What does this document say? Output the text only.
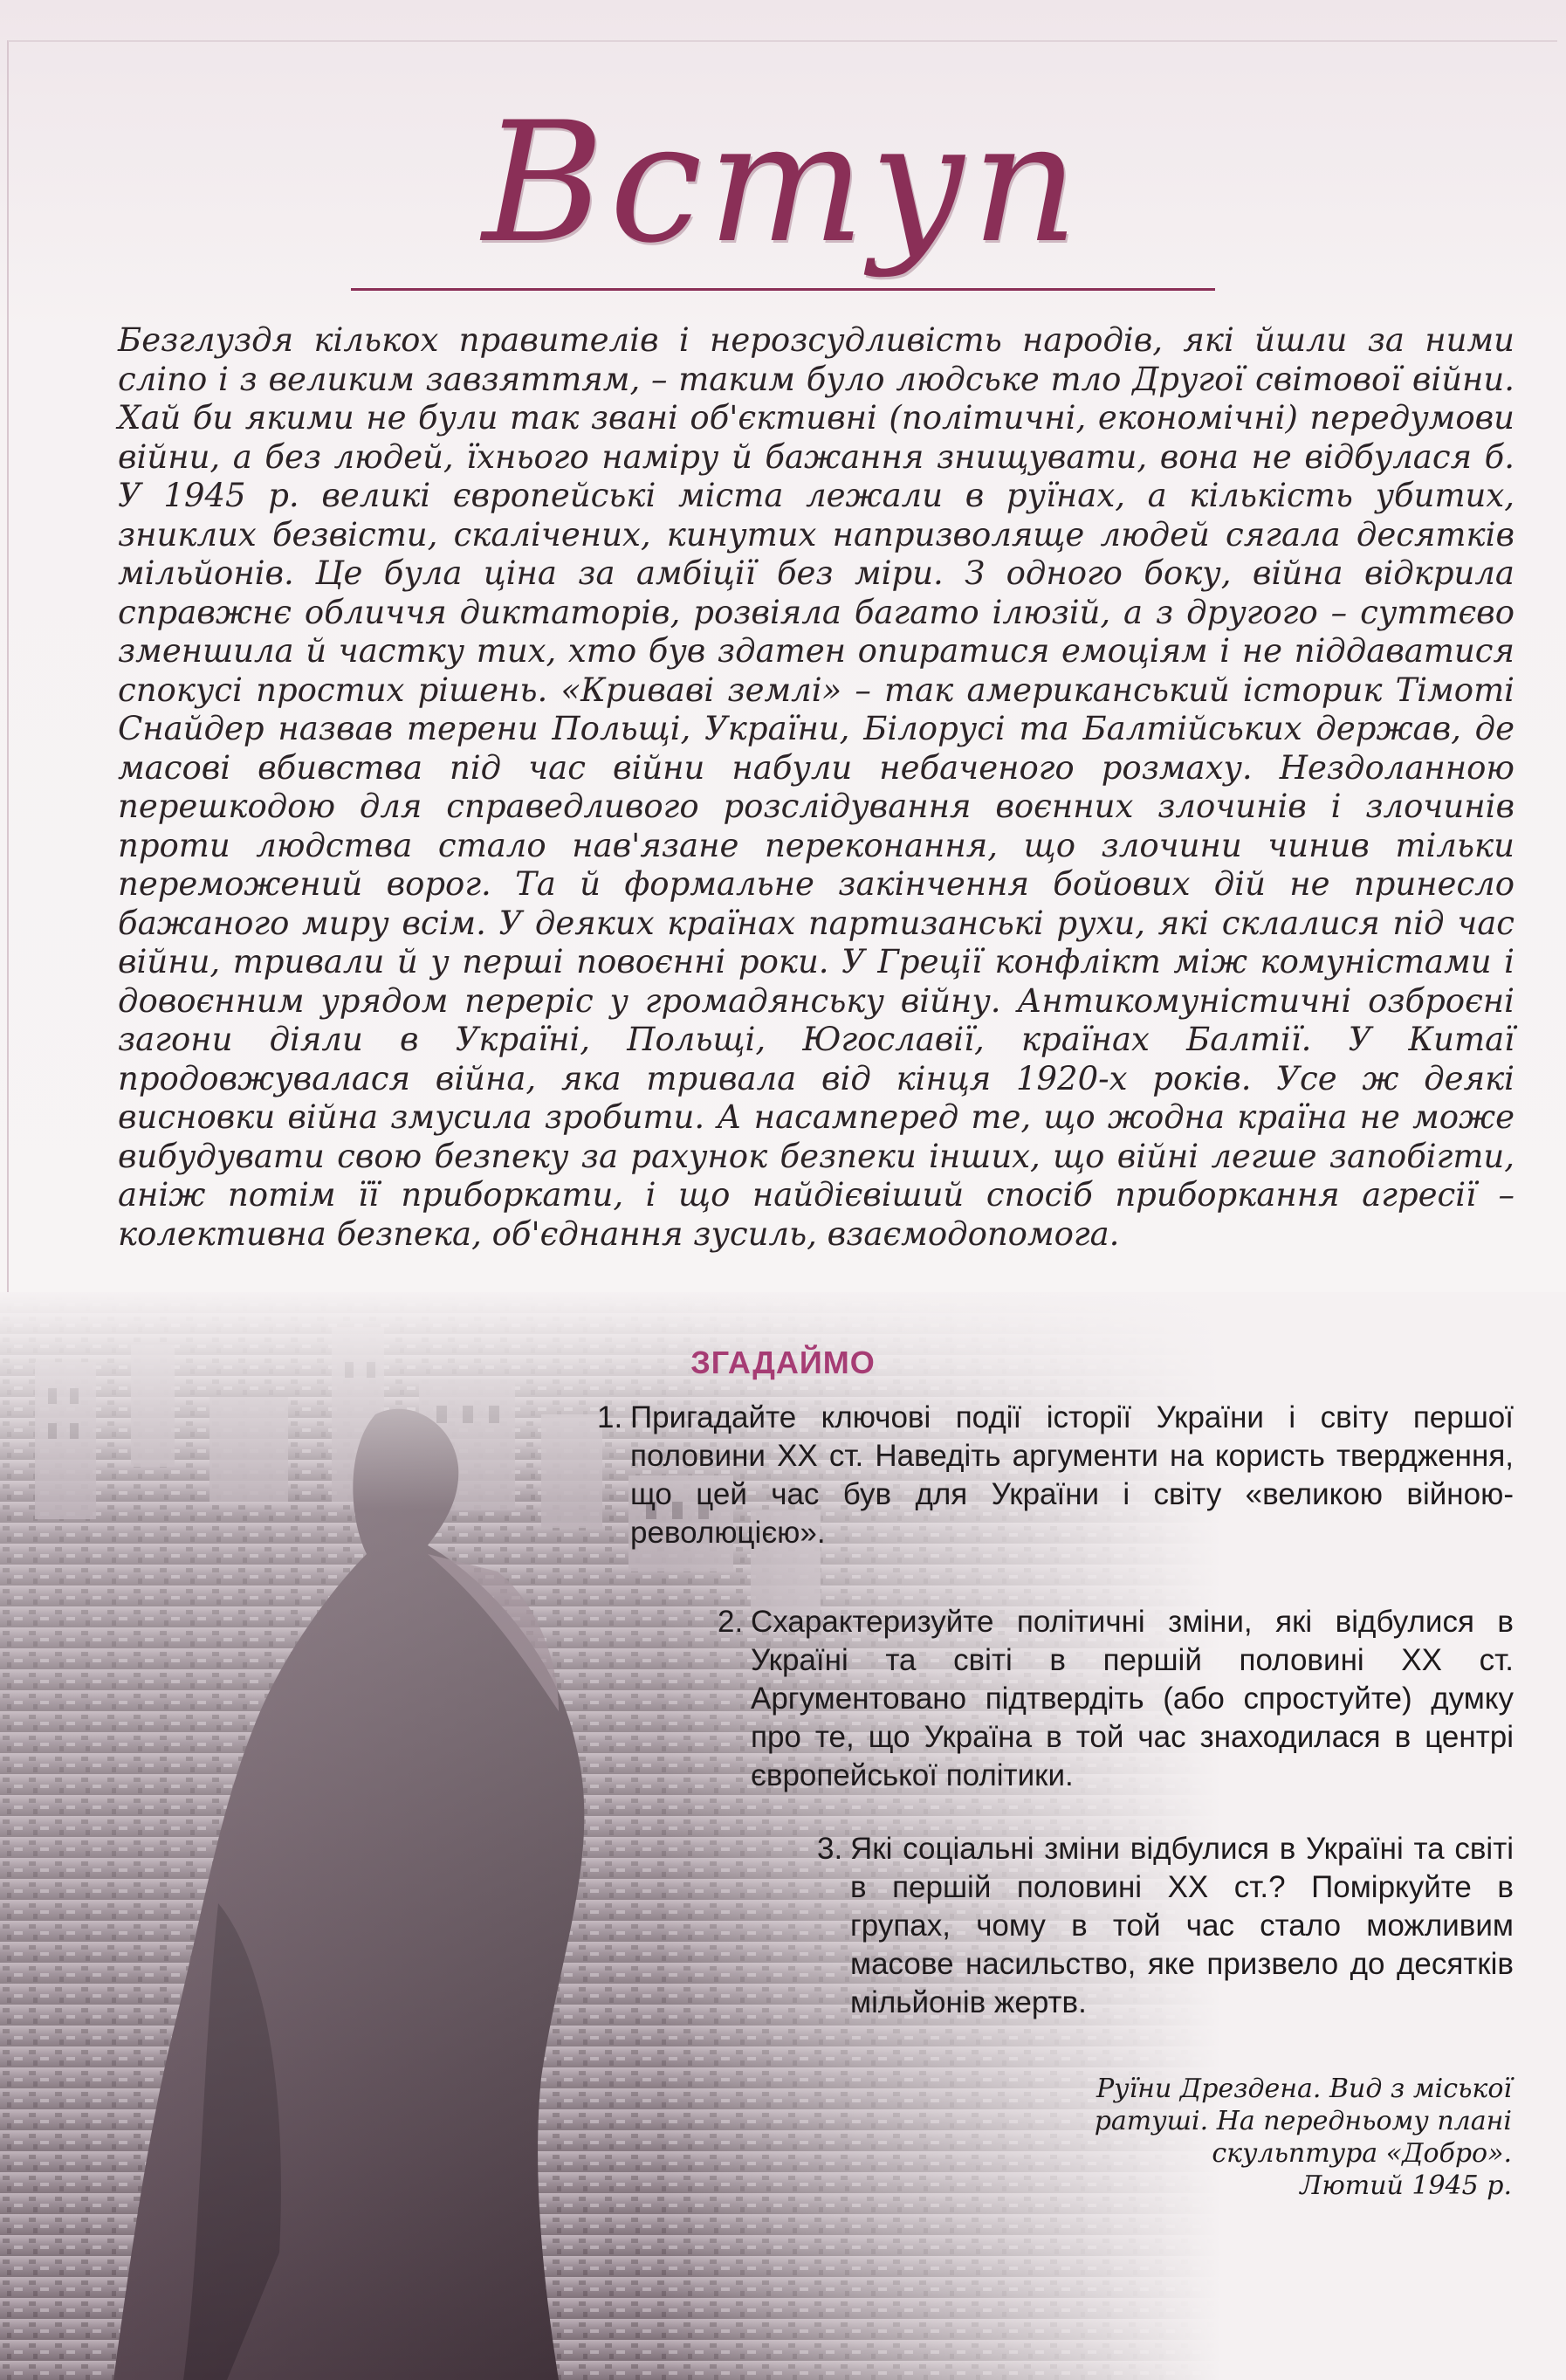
Вступ
Безглуздя кількох правителів і нерозсудливість народів, які йшли за ними сліпо і з великим завзяттям, – таким було людське тло Другої світової війни. Хай би якими не були так звані об'єктивні (політичні, економічні) передумови війни, а без людей, їхнього наміру й бажання знищувати, вона не відбулася б. У 1945 р. великі європейські міста лежали в руїнах, а кількість убитих, зниклих безвісти, скалічених, кинутих напризволяще людей сягала десятків мільйонів. Це була ціна за амбіції без міри. З одного боку, війна відкрила справжнє обличчя диктаторів, розвіяла багато ілюзій, а з другого – суттєво зменшила й частку тих, хто був здатен опиратися емоціям і не піддаватися спокусі простих рішень. «Криваві землі» – так американський історик Тімоті Снайдер назвав терени Польщі, України, Білорусі та Балтійських держав, де масові вбивства під час війни набули небаченого розмаху. Нездоланною перешкодою для справедливого розслідування воєнних злочинів і злочинів проти людства стало нав'язане переконання, що злочини чинив тільки переможений ворог. Та й формальне закінчення бойових дій не принесло бажаного миру всім. У деяких країнах партизанські рухи, які склалися під час війни, тривали й у перші повоєнні роки. У Греції конфлікт між комуністами і довоєнним урядом переріс у громадянську війну. Антикомуністичні озброєні загони діяли в Україні, Польщі, Югославії, країнах Балтії. У Китаї продовжувалася війна, яка тривала від кінця 1920-х років. Усе ж деякі висновки війна змусила зробити. А насамперед те, що жодна країна не може вибудувати свою безпеку за рахунок безпеки інших, що війні легше запобігти, аніж потім її приборкати, і що найдієвіший спосіб приборкання агресії – колективна безпека, об'єднання зусиль, взаємодопомога.
ЗГАДАЙМО
1. Пригадайте ключові події історії України і світу першої половини XX ст. Наведіть аргументи на користь твердження, що цей час був для України і світу «великою війною-революцією».
2. Схарактеризуйте політичні зміни, які відбулися в Україні та світі в першій половині XX ст. Аргументовано підтвердіть (або спростуйте) думку про те, що Україна в той час знаходилася в центрі європейської політики.
3. Які соціальні зміни відбулися в Україні та світі в першій половині XX ст.? Поміркуйте в групах, чому в той час стало можливим масове насильство, яке призвело до десятків мільйонів жертв.
Руїни Дрездена. Вид з міської
ратуші. На передньому плані
скульптура «Добро».
Лютий 1945 р.
